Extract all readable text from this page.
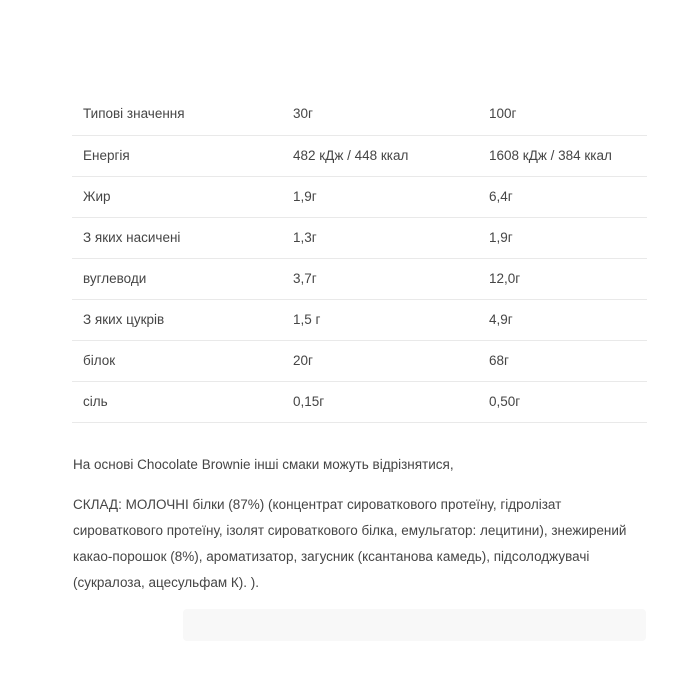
Типові значення	30г	100г
Енергія	482 кДж / 448 ккал	1608 кДж / 384 ккал
Жир	1,9г	6,4г
З яких насичені	1,3г	1,9г
вуглеводи	3,7г	12,0г
З яких цукрів	1,5 г	4,9г
білок	20г	68г
сіль	0,15г	0,50г

На основі Chocolate Brownie інші смаки можуть відрізнятися,

СКЛАД: МОЛОЧНІ білки (87%) (концентрат сироваткового протеїну, гідролізат сироваткового протеїну, ізолят сироваткового білка, емульгатор: лецитини), знежирений какао-порошок (8%), ароматизатор, загусник (ксантанова камедь), підсолоджувачі (сукралоза, ацесульфам К). ).
